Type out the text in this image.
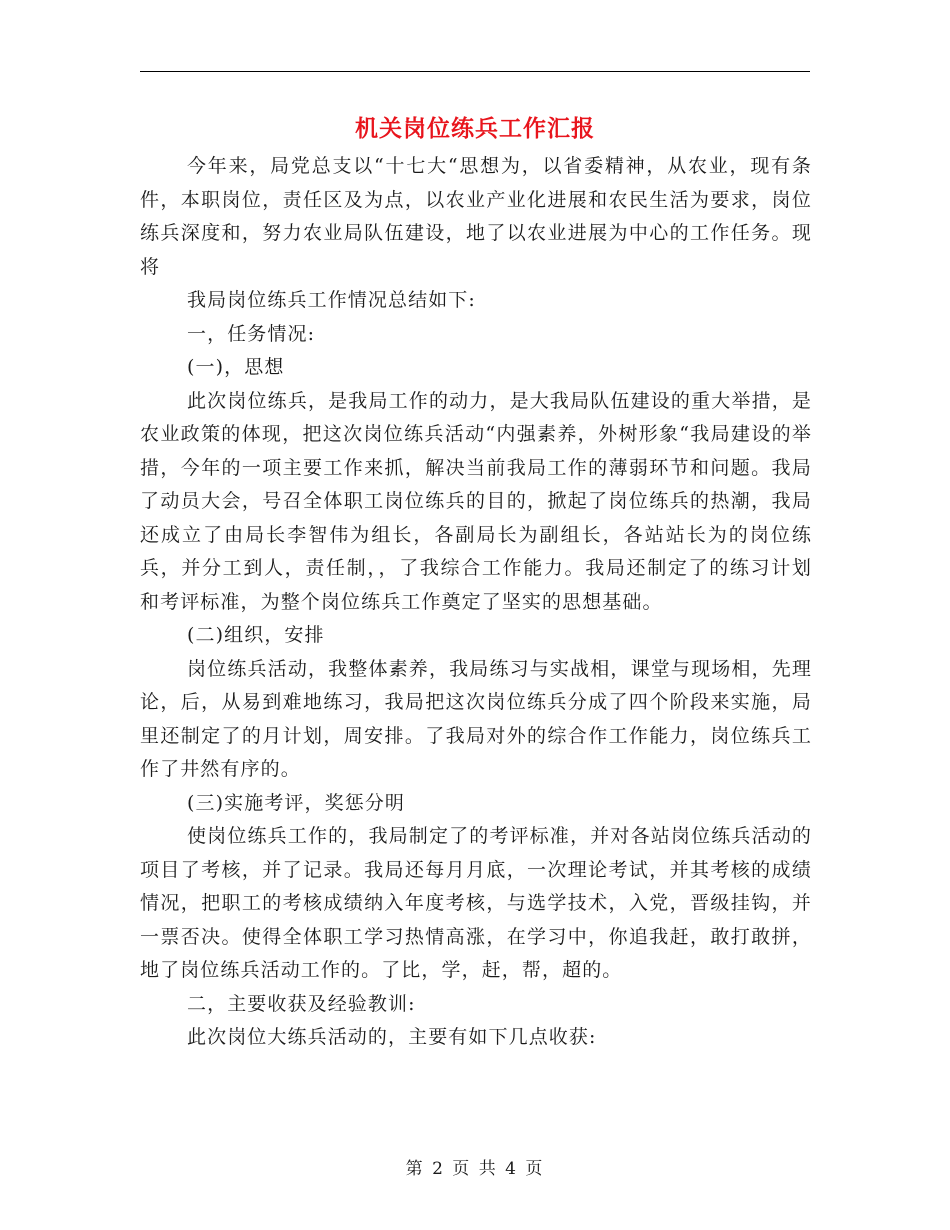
机关岗位练兵工作汇报

今年来，局党总支以“十七大“思想为，以省委精神，从农业，现有条件，本职岗位，责任区及为点，以农业产业化进展和农民生活为要求，岗位练兵深度和，努力农业局队伍建设，地了以农业进展为中心的工作任务。现将

我局岗位练兵工作情况总结如下:

一，任务情况:

(一)，思想

此次岗位练兵，是我局工作的动力，是大我局队伍建设的重大举措，是农业政策的体现，把这次岗位练兵活动“内强素养，外树形象“我局建设的举措，今年的一项主要工作来抓，解决当前我局工作的薄弱环节和问题。我局了动员大会，号召全体职工岗位练兵的目的，掀起了岗位练兵的热潮，我局还成立了由局长李智伟为组长，各副局长为副组长，各站站长为的岗位练兵，并分工到人，责任制，，了我综合工作能力。我局还制定了的练习计划和考评标准，为整个岗位练兵工作奠定了坚实的思想基础。

(二)组织，安排

岗位练兵活动，我整体素养，我局练习与实战相，课堂与现场相，先理论，后，从易到难地练习，我局把这次岗位练兵分成了四个阶段来实施，局里还制定了的月计划，周安排。了我局对外的综合作工作能力，岗位练兵工作了井然有序的。

(三)实施考评，奖惩分明

使岗位练兵工作的，我局制定了的考评标准，并对各站岗位练兵活动的项目了考核，并了记录。我局还每月月底，一次理论考试，并其考核的成绩情况，把职工的考核成绩纳入年度考核，与选学技术，入党，晋级挂钩，并一票否决。使得全体职工学习热情高涨，在学习中，你追我赶，敢打敢拼，地了岗位练兵活动工作的。了比，学，赶，帮，超的。

二，主要收获及经验教训:

此次岗位大练兵活动的，主要有如下几点收获:

第 2 页 共 4 页
